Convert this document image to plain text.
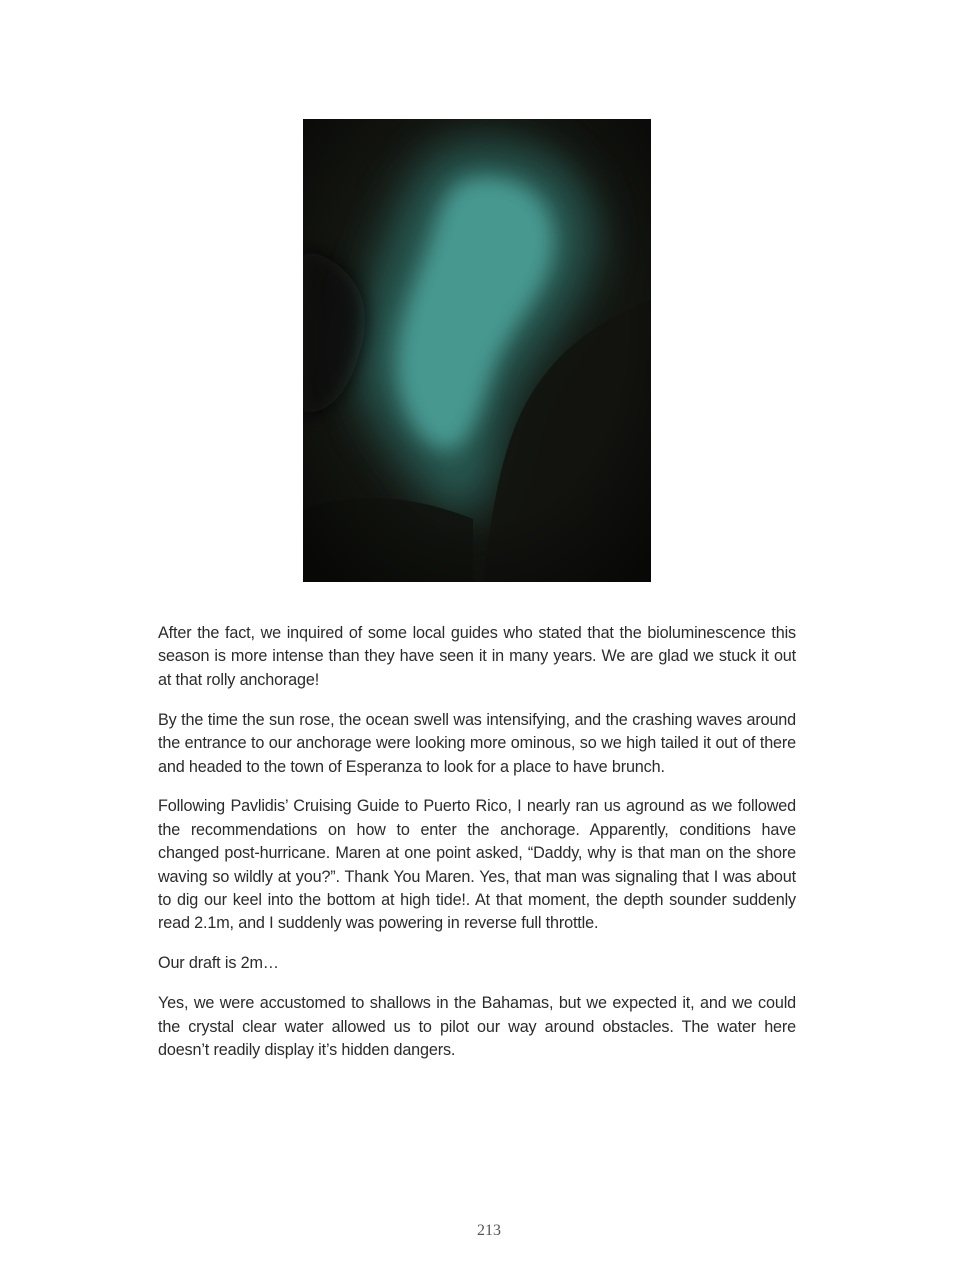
After the fact, we inquired of some local guides who stated that the bioluminescence this season is more intense than they have seen it in many years. We are glad we stuck it out at that rolly anchorage!

By the time the sun rose, the ocean swell was intensifying, and the crashing waves around the entrance to our anchorage were looking more ominous, so we high tailed it out of there and headed to the town of Esperanza to look for a place to have brunch.

Following Pavlidis’ Cruising Guide to Puerto Rico, I nearly ran us aground as we followed the recommendations on how to enter the anchorage. Apparently, conditions have changed post-hurricane. Maren at one point asked, “Daddy, why is that man on the shore waving so wildly at you?”. Thank You Maren. Yes, that man was signaling that I was about to dig our keel into the bottom at high tide!. At that moment, the depth sounder suddenly read 2.1m, and I suddenly was powering in reverse full throttle.

Our draft is 2m…

Yes, we were accustomed to shallows in the Bahamas, but we expected it, and we could the crystal clear water allowed us to pilot our way around obstacles. The water here doesn’t readily display it’s hidden dangers.

213
